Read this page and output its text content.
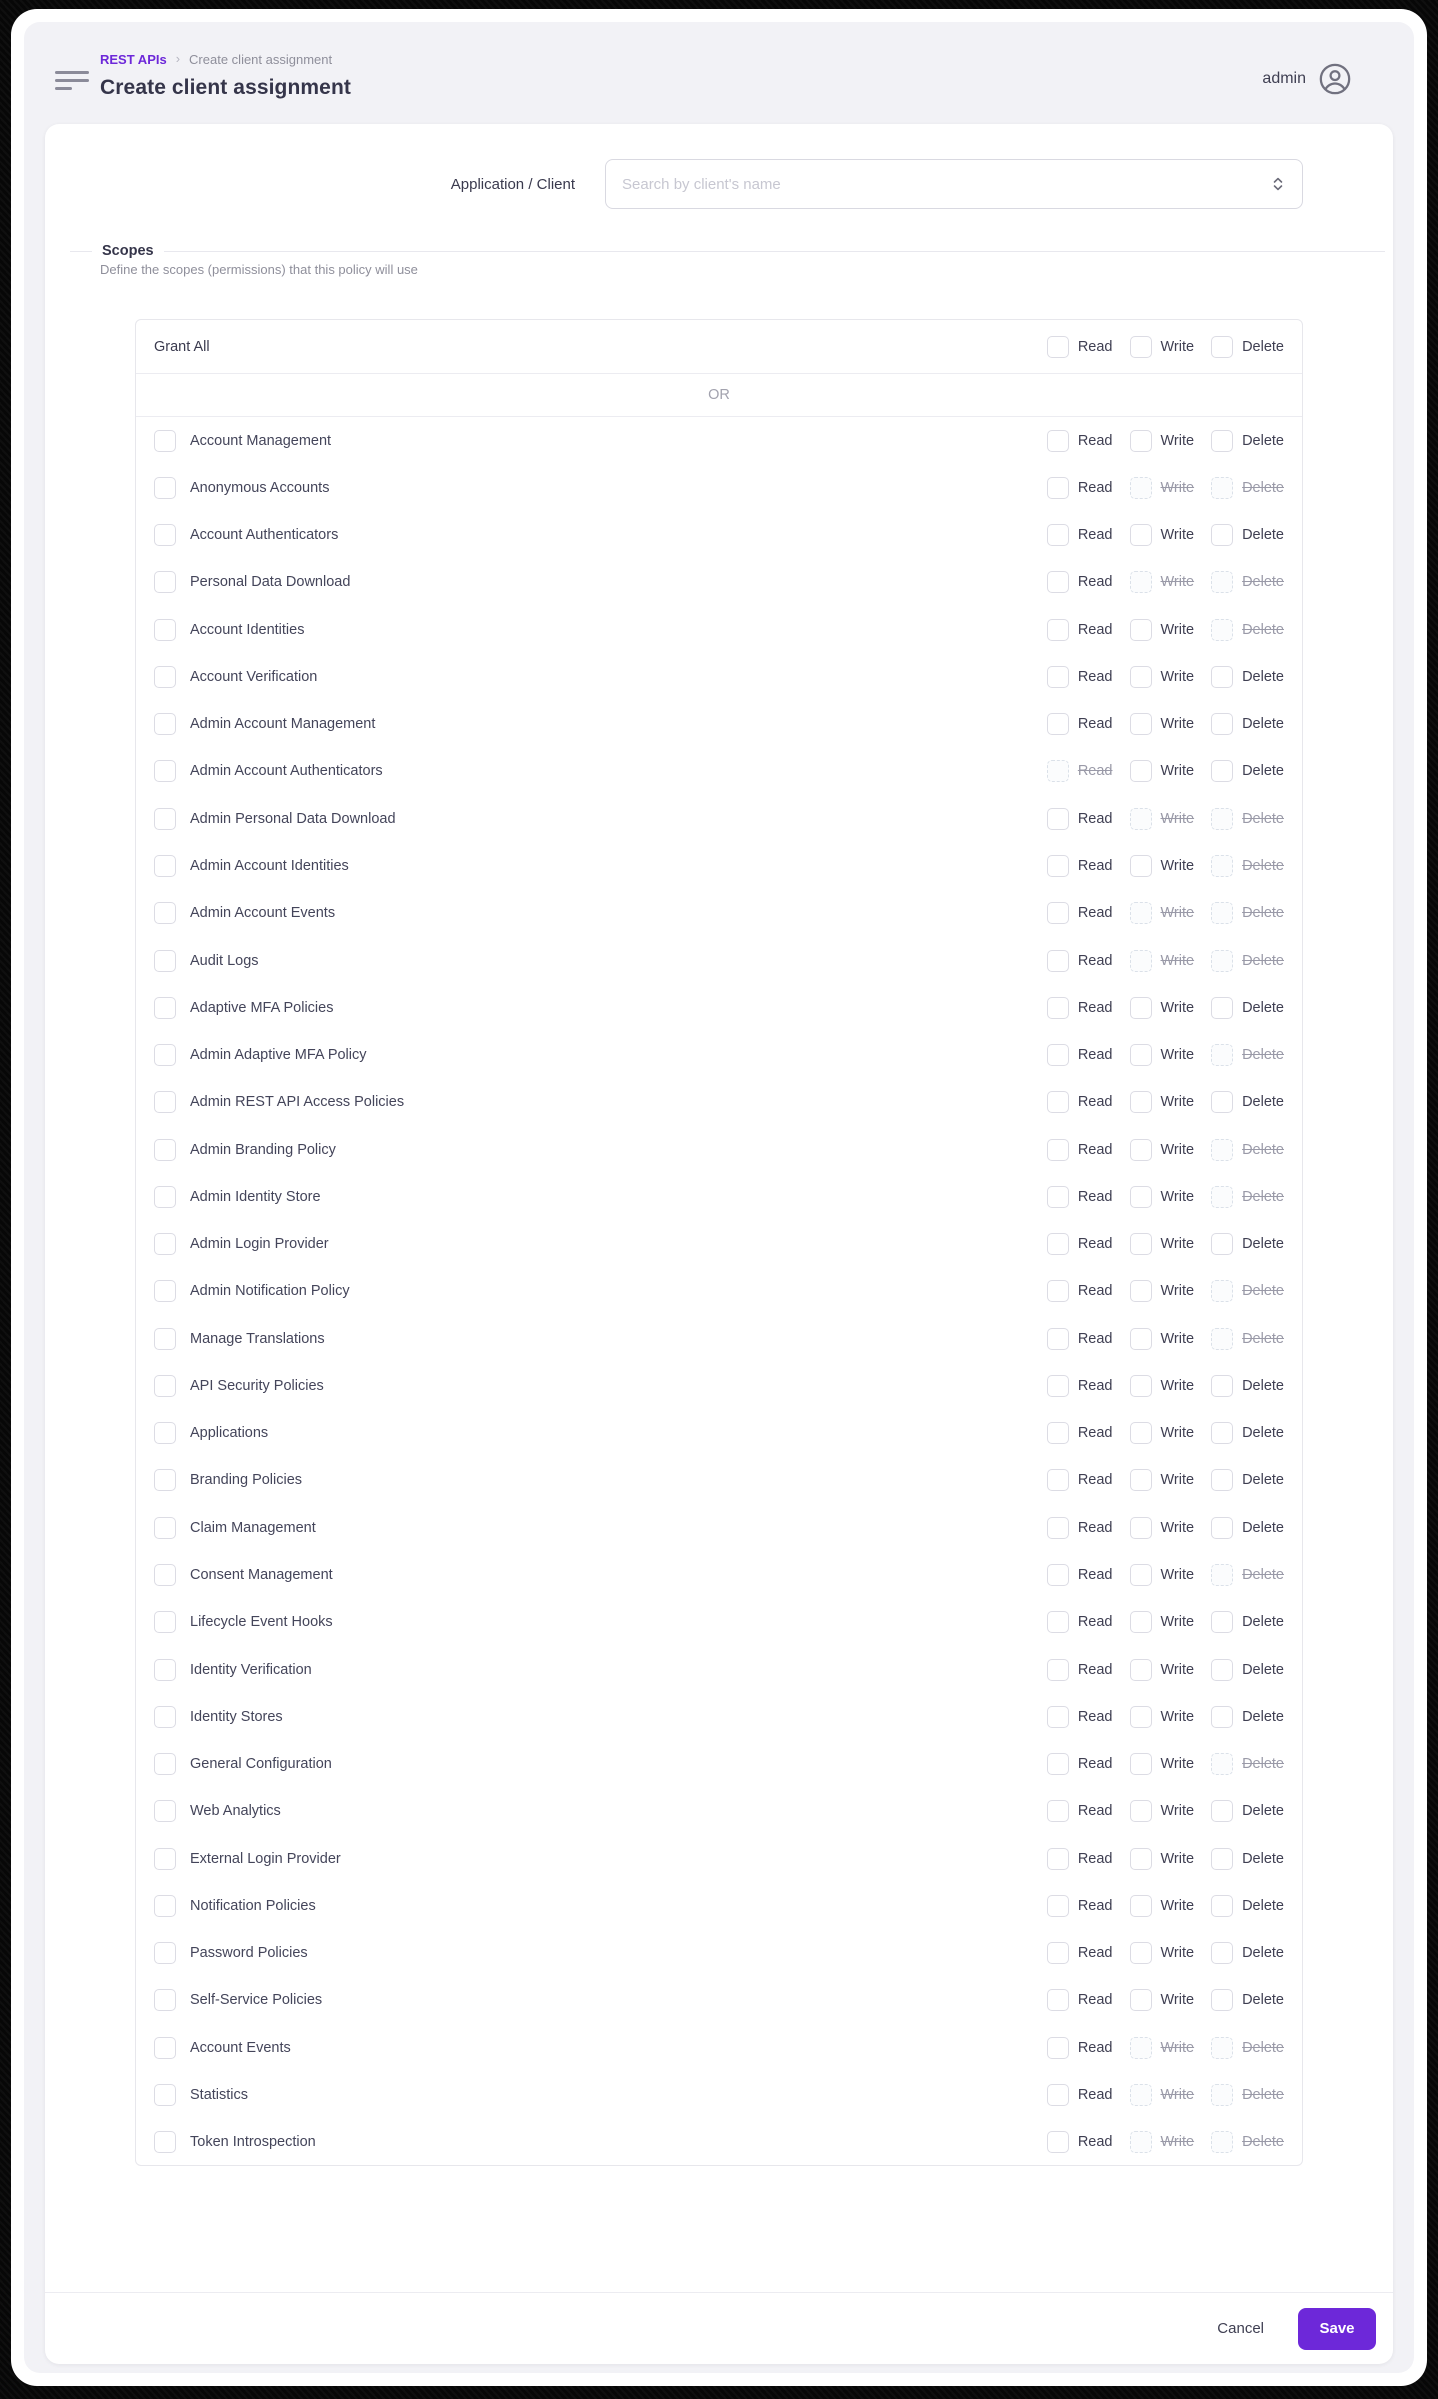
REST APIs › Create client assignment
Create client assignment	admin
Application / Client	Search by client's name
Scopes
Define the scopes (permissions) that this policy will use
Grant All	Read	Write	Delete
OR
Account Management	Read	Write	Delete
Anonymous Accounts	Read	Write	Delete
Account Authenticators	Read	Write	Delete
Personal Data Download	Read	Write	Delete
Account Identities	Read	Write	Delete
Account Verification	Read	Write	Delete
Admin Account Management	Read	Write	Delete
Admin Account Authenticators	Read	Write	Delete
Admin Personal Data Download	Read	Write	Delete
Admin Account Identities	Read	Write	Delete
Admin Account Events	Read	Write	Delete
Audit Logs	Read	Write	Delete
Adaptive MFA Policies	Read	Write	Delete
Admin Adaptive MFA Policy	Read	Write	Delete
Admin REST API Access Policies	Read	Write	Delete
Admin Branding Policy	Read	Write	Delete
Admin Identity Store	Read	Write	Delete
Admin Login Provider	Read	Write	Delete
Admin Notification Policy	Read	Write	Delete
Manage Translations	Read	Write	Delete
API Security Policies	Read	Write	Delete
Applications	Read	Write	Delete
Branding Policies	Read	Write	Delete
Claim Management	Read	Write	Delete
Consent Management	Read	Write	Delete
Lifecycle Event Hooks	Read	Write	Delete
Identity Verification	Read	Write	Delete
Identity Stores	Read	Write	Delete
General Configuration	Read	Write	Delete
Web Analytics	Read	Write	Delete
External Login Provider	Read	Write	Delete
Notification Policies	Read	Write	Delete
Password Policies	Read	Write	Delete
Self-Service Policies	Read	Write	Delete
Account Events	Read	Write	Delete
Statistics	Read	Write	Delete
Token Introspection	Read	Write	Delete
Cancel	Save
